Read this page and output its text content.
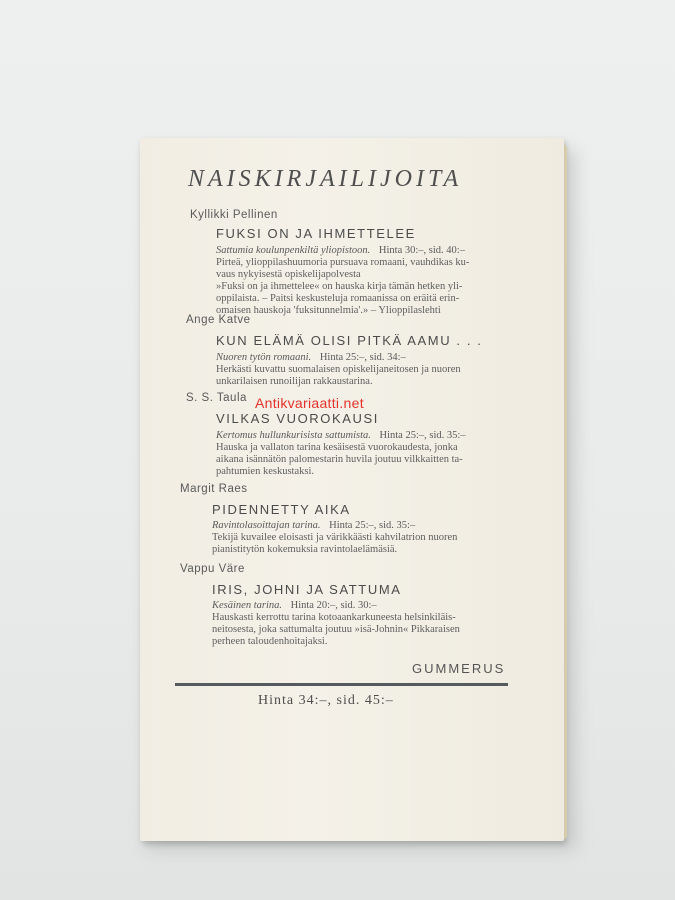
NAISKIRJAILIJOITA
Kyllikki Pellinen
FUKSI ON JA IHMETTELEE
Sattumia koulunpenkiltä yliopistoon. Hinta 30:–, sid. 40:–
Pirteä, ylioppilashuumoria pursuava romaani, vauhdikas ku-
vaus nykyisestä opiskelijapolvesta
»Fuksi on ja ihmettelee« on hauska kirja tämän hetken yli-
oppilaista. – Paitsi keskusteluja romaanissa on eräitä erin-
omaisen hauskoja 'fuksitunnelmia'.» – Ylioppilaslehti
Ange Katve
KUN ELÄMÄ OLISI PITKÄ AAMU . . .
Nuoren tytön romaani. Hinta 25:–, sid. 34:–
Herkästi kuvattu suomalaisen opiskelijaneitosen ja nuoren
unkarilaisen runoilijan rakkaustarina.
S. S. Taula
VILKAS VUOROKAUSI
Kertomus hullunkurisista sattumista. Hinta 25:–, sid. 35:–
Hauska ja vallaton tarina kesäisestä vuorokaudesta, jonka
aikana isännätön palomestarin huvila joutuu vilkkaitten ta-
pahtumien keskustaksi.
Margit Raes
PIDENNETTY AIKA
Ravintolasoittajan tarina. Hinta 25:–, sid. 35:–
Tekijä kuvailee eloisasti ja värikkäästi kahvilatrion nuoren
pianistitytön kokemuksia ravintolaelämäsiä.
Vappu Väre
IRIS, JOHNI JA SATTUMA
Kesäinen tarina. Hinta 20:–, sid. 30:–
Hauskasti kerrottu tarina kotoaankarkuneesta helsinkiläis-
neitosesta, joka sattumalta joutuu »isä-Johnin« Pikkaraisen
perheen taloudenhoitajaksi.
GUMMERUS
Hinta 34:–, sid. 45:–
Antikvariaatti.net
